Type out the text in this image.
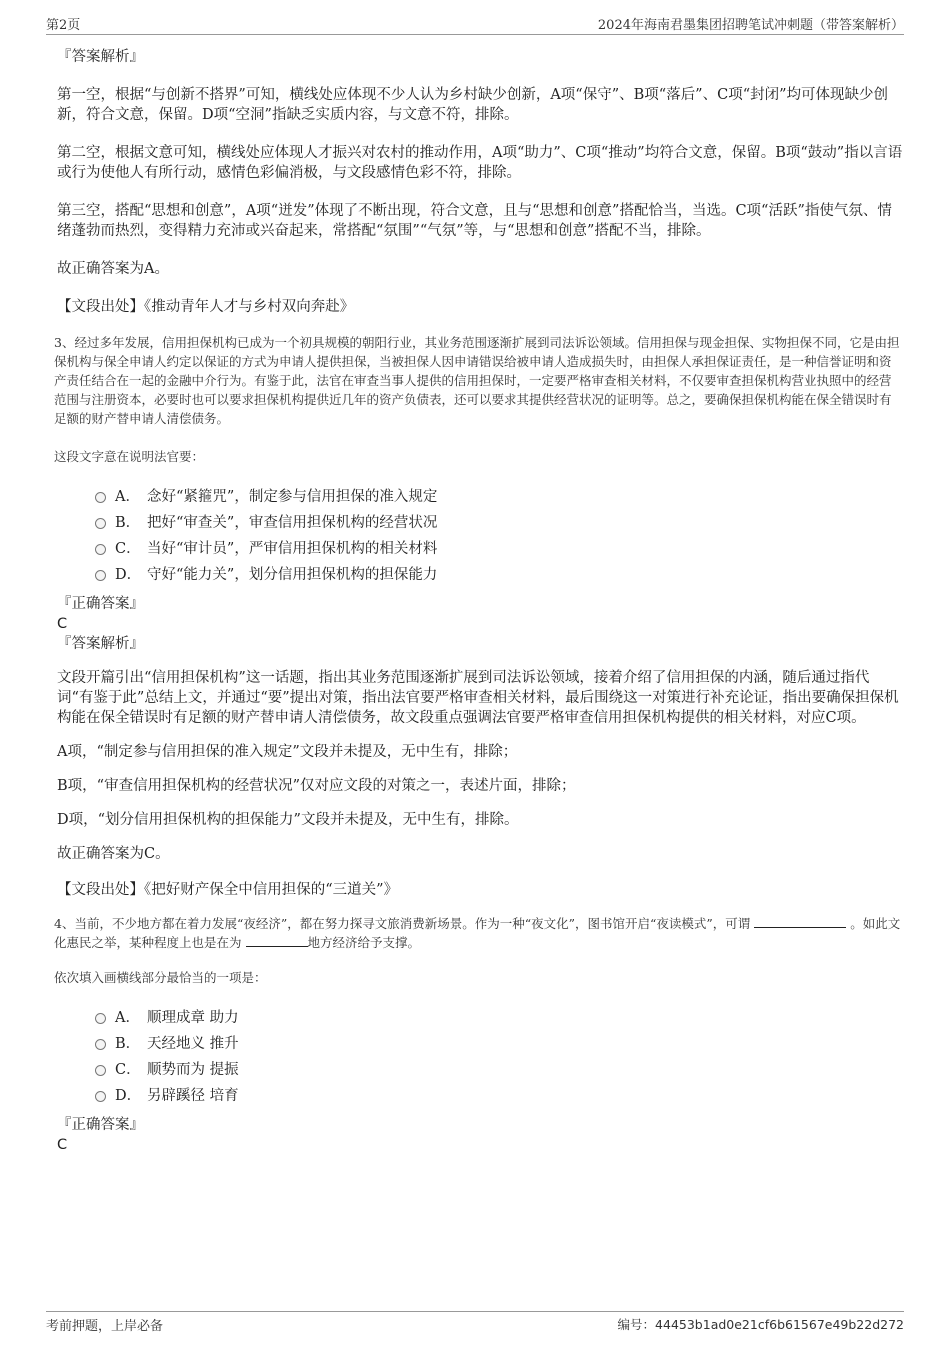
第2页	2024年海南君墨集团招聘笔试冲刺题（带答案解析）

『答案解析』

第一空，根据“与创新不搭界”可知，横线处应体现不少人认为乡村缺少创新，A项“保守”、B项“落后”、C项“封闭”均可体现缺少创新，符合文意，保留。D项“空洞”指缺乏实质内容，与文意不符，排除。

第二空，根据文意可知，横线处应体现人才振兴对农村的推动作用，A项“助力”、C项“推动”均符合文意，保留。B项“鼓动”指以言语或行为使他人有所行动，感情色彩偏消极，与文段感情色彩不符，排除。

第三空，搭配“思想和创意”，A项“迸发”体现了不断出现，符合文意，且与“思想和创意”搭配恰当，当选。C项“活跃”指使气氛、情绪蓬勃而热烈，变得精力充沛或兴奋起来，常搭配“氛围”“气氛”等，与“思想和创意”搭配不当，排除。

故正确答案为A。

【文段出处】《推动青年人才与乡村双向奔赴》

3、经过多年发展，信用担保机构已成为一个初具规模的朝阳行业，其业务范围逐渐扩展到司法诉讼领域。信用担保与现金担保、实物担保不同，它是由担保机构与保全申请人约定以保证的方式为申请人提供担保，当被担保人因申请错误给被申请人造成损失时，由担保人承担保证责任，是一种信誉证明和资产责任结合在一起的金融中介行为。有鉴于此，法官在审查当事人提供的信用担保时，一定要严格审查相关材料，不仅要审查担保机构营业执照中的经营范围与注册资本，必要时也可以要求担保机构提供近几年的资产负债表，还可以要求其提供经营状况的证明等。总之，要确保担保机构能在保全错误时有足额的财产替申请人清偿债务。

这段文字意在说明法官要：

A． 念好“紧箍咒”，制定参与信用担保的准入规定
B． 把好“审查关”，审查信用担保机构的经营状况
C． 当好“审计员”，严审信用担保机构的相关材料
D． 守好“能力关”，划分信用担保机构的担保能力

『正确答案』

C

『答案解析』

文段开篇引出“信用担保机构”这一话题，指出其业务范围逐渐扩展到司法诉讼领域，接着介绍了信用担保的内涵，随后通过指代词“有鉴于此”总结上文，并通过“要”提出对策，指出法官要严格审查相关材料，最后围绕这一对策进行补充论证，指出要确保担保机构能在保全错误时有足额的财产替申请人清偿债务，故文段重点强调法官要严格审查信用担保机构提供的相关材料，对应C项。

A项，“制定参与信用担保的准入规定”文段并未提及，无中生有，排除；

B项，“审查信用担保机构的经营状况”仅对应文段的对策之一，表述片面，排除；

D项，“划分信用担保机构的担保能力”文段并未提及，无中生有，排除。

故正确答案为C。

【文段出处】《把好财产保全中信用担保的“三道关”》

4、当前，不少地方都在着力发展“夜经济”，都在努力探寻文旅消费新场景。作为一种“夜文化”，图书馆开启“夜读模式”，可谓	。如此文化惠民之举，某种程度上也是在为	地方经济给予支撑。

依次填入画横线部分最恰当的一项是：

A． 顺理成章 助力
B． 天经地义 推升
C． 顺势而为 提振
D． 另辟蹊径 培育

『正确答案』

C

考前押题，上岸必备	编号：44453b1ad0e21cf6b61567e49b22d272
